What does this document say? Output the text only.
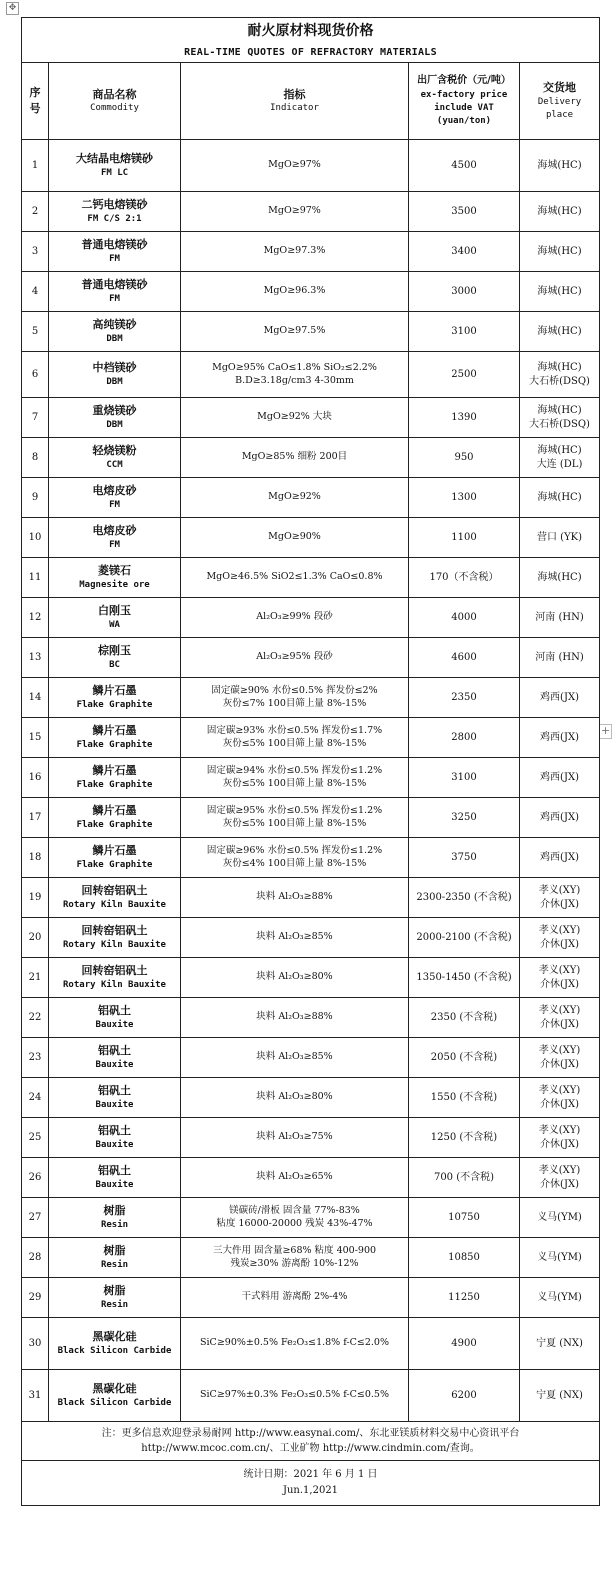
✥
+
耐火原材料现货价格				
REAL-TIME QUOTES OF REFRACTORY MATERIALS				

序
号	商品名称
Commodity	指标
Indicator	出厂含税价（元/吨）
ex-factory price
include VAT
(yuan/ton)	交货地
Delivery
place

1	大结晶电熔镁砂
FM LC	MgO≥97%	4500	海城(HC)

2	二钙电熔镁砂
FM C/S 2:1	MgO≥97%	3500	海城(HC)

3	普通电熔镁砂
FM	MgO≥97.3%	3400	海城(HC)

4	普通电熔镁砂
FM	MgO≥96.3%	3000	海城(HC)

5	高纯镁砂
DBM	MgO≥97.5%	3100	海城(HC)

6	中档镁砂
DBM	MgO≥95% CaO≤1.8% SiO₂≤2.2%
B.D≥3.18g/cm3 4-30mm	2500	海城(HC)
大石桥(DSQ)

7	重烧镁砂
DBM	MgO≥92% 大块	1390	海城(HC)
大石桥(DSQ)

8	轻烧镁粉
CCM	MgO≥85% 细粉 200目	950	海城(HC)
大连 (DL)

9	电熔皮砂
FM	MgO≥92%	1300	海城(HC)

10	电熔皮砂
FM	MgO≥90%	1100	营口 (YK)

11	菱镁石
Magnesite ore	MgO≥46.5% SiO2≤1.3% CaO≤0.8%	170（不含税）	海城(HC)

12	白刚玉
WA	Al₂O₃≥99% 段砂	4000	河南 (HN)

13	棕刚玉
BC	Al₂O₃≥95% 段砂	4600	河南 (HN)

14	鳞片石墨
Flake Graphite	固定碳≥90% 水份≤0.5% 挥发份≤2%
灰份≤7% 100目筛上量 8%-15%	2350	鸡西(JX)

15	鳞片石墨
Flake Graphite	固定碳≥93% 水份≤0.5% 挥发份≤1.7%
灰份≤5% 100目筛上量 8%-15%	2800	鸡西(JX)

16	鳞片石墨
Flake Graphite	固定碳≥94% 水份≤0.5% 挥发份≤1.2%
灰份≤5% 100目筛上量 8%-15%	3100	鸡西(JX)

17	鳞片石墨
Flake Graphite	固定碳≥95% 水份≤0.5% 挥发份≤1.2%
灰份≤5% 100目筛上量 8%-15%	3250	鸡西(JX)

18	鳞片石墨
Flake Graphite	固定碳≥96% 水份≤0.5% 挥发份≤1.2%
灰份≤4% 100目筛上量 8%-15%	3750	鸡西(JX)

19	回转窑铝矾土
Rotary Kiln Bauxite	块料 Al₂O₃≥88%	2300-2350 (不含税)	孝义(XY)
介休(JX)

20	回转窑铝矾土
Rotary Kiln Bauxite	块料 Al₂O₃≥85%	2000-2100 (不含税)	孝义(XY)
介休(JX)

21	回转窑铝矾土
Rotary Kiln Bauxite	块料 Al₂O₃≥80%	1350-1450 (不含税)	孝义(XY)
介休(JX)

22	铝矾土
Bauxite	块料 Al₂O₃≥88%	2350 (不含税)	孝义(XY)
介休(JX)

23	铝矾土
Bauxite	块料 Al₂O₃≥85%	2050 (不含税)	孝义(XY)
介休(JX)

24	铝矾土
Bauxite	块料 Al₂O₃≥80%	1550 (不含税)	孝义(XY)
介休(JX)

25	铝矾土
Bauxite	块料 Al₂O₃≥75%	1250 (不含税)	孝义(XY)
介休(JX)

26	铝矾土
Bauxite	块料 Al₂O₃≥65%	700 (不含税)	孝义(XY)
介休(JX)

27	树脂
Resin	镁碳砖/滑板 固含量 77%-83%
粘度 16000-20000 残炭 43%-47%	10750	义马(YM)

28	树脂
Resin	三大件用 固含量≥68% 粘度 400-900
残炭≥30% 游离酚 10%-12%	10850	义马(YM)

29	树脂
Resin	干式料用 游离酚 2%-4%	11250	义马(YM)

30	黑碳化硅
Black Silicon Carbide	SiC≥90%±0.5% Fe₂O₃≤1.8% f-C≤2.0%	4900	宁夏 (NX)

31	黑碳化硅
Black Silicon Carbide	SiC≥97%±0.3% Fe₂O₃≤0.5% f-C≤0.5%	6200	宁夏 (NX)

注：更多信息欢迎登录易耐网 http://www.easynai.com/、东北亚镁质材料交易中心资讯平台
http://www.mcoc.com.cn/、工业矿物 http://www.cindmin.com/查询。				

统计日期：2021 年 6 月 1 日
Jun.1,2021				
